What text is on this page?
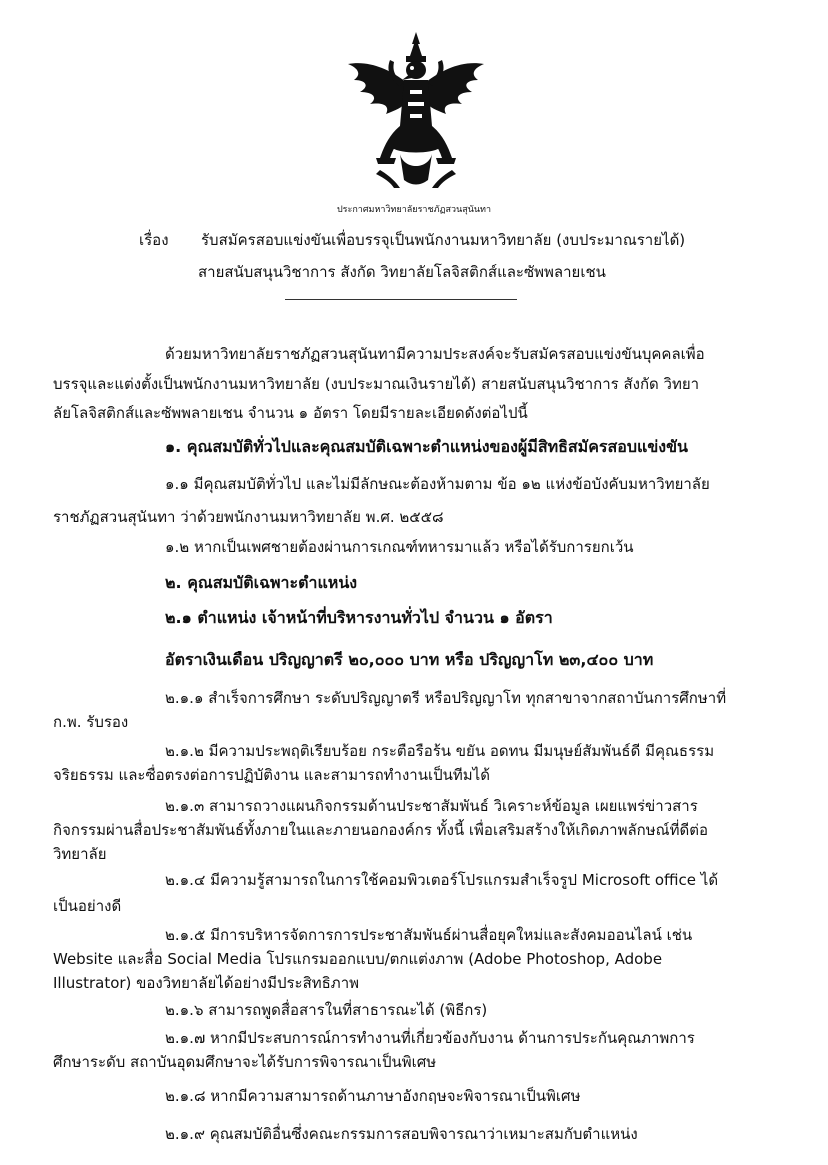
ประกาศมหาวิทยาลัยราชภัฏสวนสุนันทา
เรื่อง รับสมัครสอบแข่งขันเพื่อบรรจุเป็นพนักงานมหาวิทยาลัย (งบประมาณรายได้)
สายสนับสนุนวิชาการ สังกัด วิทยาลัยโลจิสติกส์และซัพพลายเชน
ด้วยมหาวิทยาลัยราชภัฏสวนสุนันทามีความประสงค์จะรับสมัครสอบแข่งขันบุคคลเพื่อ
บรรจุและแต่งตั้งเป็นพนักงานมหาวิทยาลัย (งบประมาณเงินรายได้) สายสนับสนุนวิชาการ สังกัด วิทยา
ลัยโลจิสติกส์และซัพพลายเชน จำนวน ๑ อัตรา โดยมีรายละเอียดดังต่อไปนี้
๑. คุณสมบัติทั่วไปและคุณสมบัติเฉพาะตำแหน่งของผู้มีสิทธิสมัครสอบแข่งขัน
๑.๑ มีคุณสมบัติทั่วไป และไม่มีลักษณะต้องห้ามตาม ข้อ ๑๒ แห่งข้อบังคับมหาวิทยาลัย
ราชภัฏสวนสุนันทา ว่าด้วยพนักงานมหาวิทยาลัย พ.ศ. ๒๕๕๘
๑.๒ หากเป็นเพศชายต้องผ่านการเกณฑ์ทหารมาแล้ว หรือได้รับการยกเว้น
๒. คุณสมบัติเฉพาะตำแหน่ง
๒.๑ ตำแหน่ง เจ้าหน้าที่บริหารงานทั่วไป จำนวน ๑ อัตรา
อัตราเงินเดือน ปริญญาตรี ๒๐,๐๐๐ บาท หรือ ปริญญาโท ๒๓,๔๐๐ บาท
๒.๑.๑ สำเร็จการศึกษา ระดับปริญญาตรี หรือปริญญาโท ทุกสาขาจากสถาบันการศึกษาที่
ก.พ. รับรอง
๒.๑.๒ มีความประพฤติเรียบร้อย กระตือรือร้น ขยัน อดทน มีมนุษย์สัมพันธ์ดี มีคุณธรรม
จริยธรรม และซื่อตรงต่อการปฏิบัติงาน และสามารถทำงานเป็นทีมได้
๒.๑.๓ สามารถวางแผนกิจกรรมด้านประชาสัมพันธ์ วิเคราะห์ข้อมูล เผยแพร่ข่าวสาร
กิจกรรมผ่านสื่อประชาสัมพันธ์ทั้งภายในและภายนอกองค์กร ทั้งนี้ เพื่อเสริมสร้างให้เกิดภาพลักษณ์ที่ดีต่อ
วิทยาลัย
๒.๑.๔ มีความรู้สามารถในการใช้คอมพิวเตอร์โปรแกรมสำเร็จรูป Microsoft office ได้
เป็นอย่างดี
๒.๑.๕ มีการบริหารจัดการการประชาสัมพันธ์ผ่านสื่อยุคใหม่และสังคมออนไลน์ เช่น
Website และสื่อ Social Media โปรแกรมออกแบบ/ตกแต่งภาพ (Adobe Photoshop, Adobe
Illustrator) ของวิทยาลัยได้อย่างมีประสิทธิภาพ
๒.๑.๖ สามารถพูดสื่อสารในที่สาธารณะได้ (พิธีกร)
๒.๑.๗ หากมีประสบการณ์การทำงานที่เกี่ยวข้องกับงาน ด้านการประกันคุณภาพการ
ศึกษาระดับ สถาบันอุดมศึกษาจะได้รับการพิจารณาเป็นพิเศษ
๒.๑.๘ หากมีความสามารถด้านภาษาอังกฤษจะพิจารณาเป็นพิเศษ
๒.๑.๙ คุณสมบัติอื่นซึ่งคณะกรรมการสอบพิจารณาว่าเหมาะสมกับตำแหน่ง
